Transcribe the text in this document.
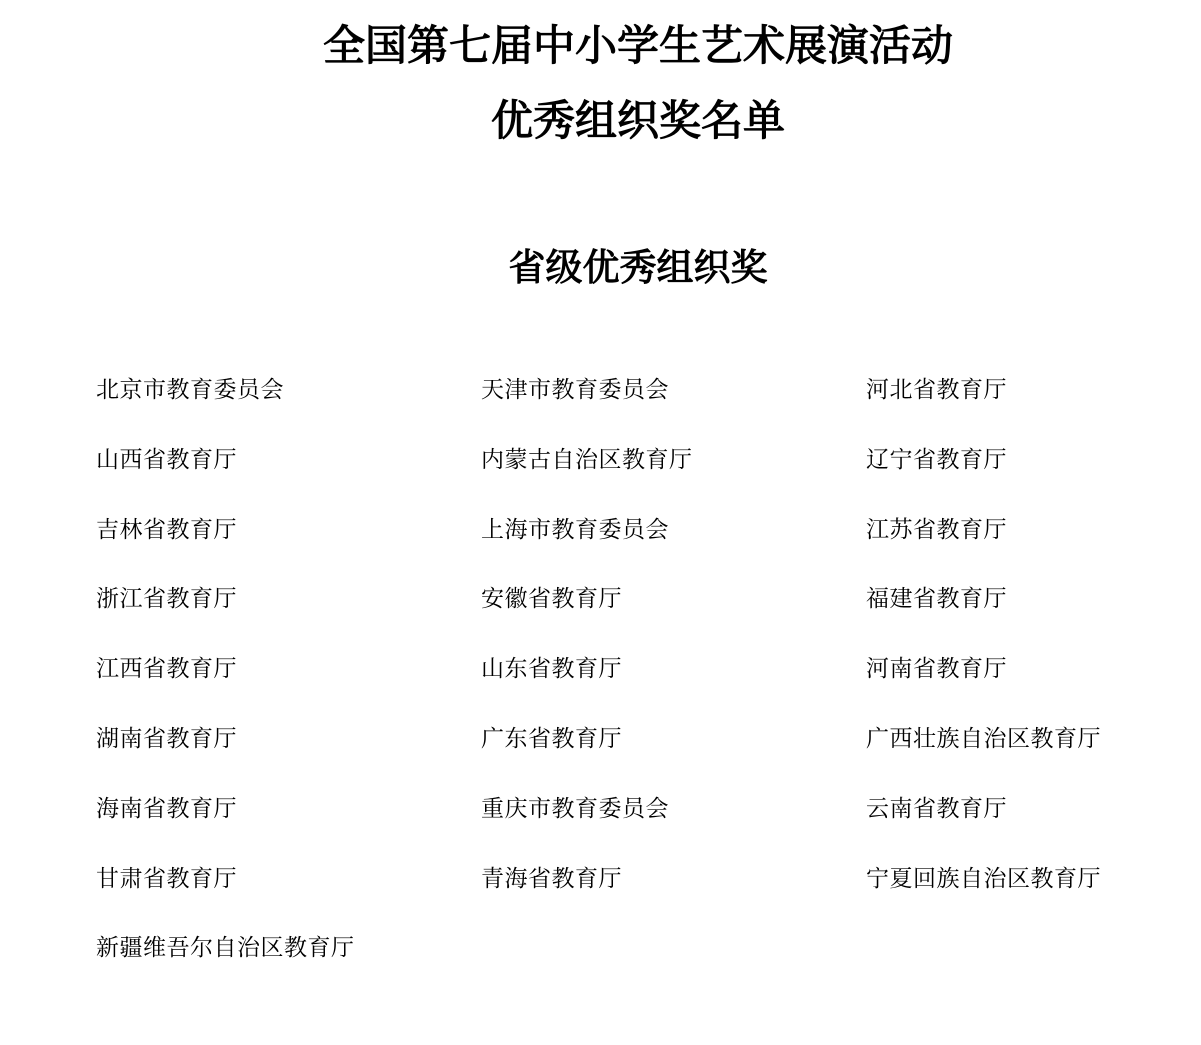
全国第七届中小学生艺术展演活动
优秀组织奖名单
省级优秀组织奖
北京市教育委员会	天津市教育委员会	河北省教育厅
山西省教育厅	内蒙古自治区教育厅	辽宁省教育厅
吉林省教育厅	上海市教育委员会	江苏省教育厅
浙江省教育厅	安徽省教育厅	福建省教育厅
江西省教育厅	山东省教育厅	河南省教育厅
湖南省教育厅	广东省教育厅	广西壮族自治区教育厅
海南省教育厅	重庆市教育委员会	云南省教育厅
甘肃省教育厅	青海省教育厅	宁夏回族自治区教育厅
新疆维吾尔自治区教育厅
